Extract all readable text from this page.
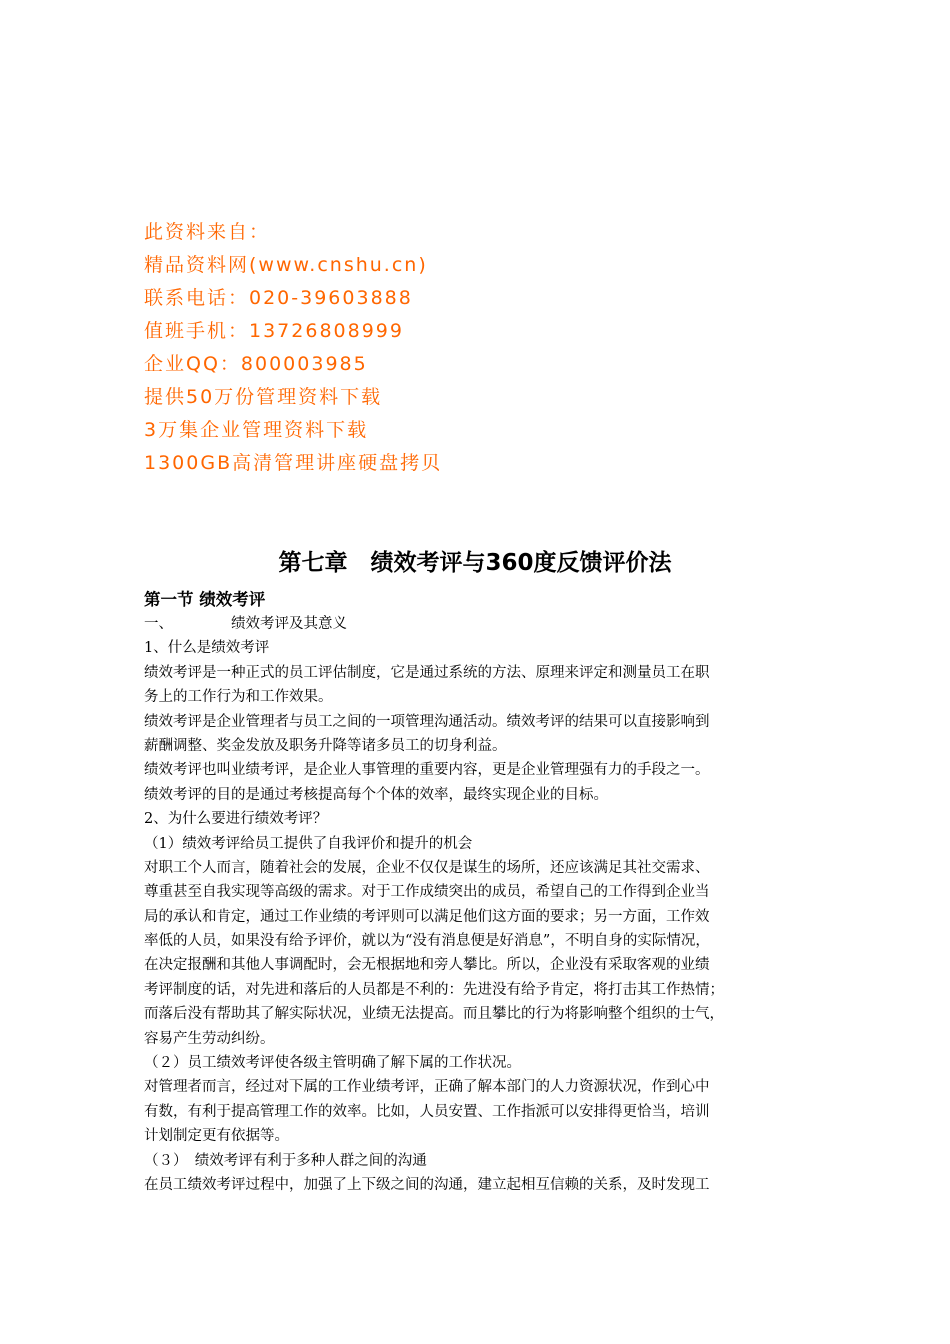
此资料来自：
精品资料网(www.cnshu.cn)
联系电话：020-39603888
值班手机：13726808999
企业QQ：800003985
提供50万份管理资料下载
3万集企业管理资料下载
1300GB高清管理讲座硬盘拷贝
第七章　绩效考评与360度反馈评价法
第一节 绩效考评
一、	绩效考评及其意义
1、什么是绩效考评
绩效考评是一种正式的员工评估制度，它是通过系统的方法、原理来评定和测量员工在职
务上的工作行为和工作效果。
绩效考评是企业管理者与员工之间的一项管理沟通活动。绩效考评的结果可以直接影响到
薪酬调整、奖金发放及职务升降等诸多员工的切身利益。
绩效考评也叫业绩考评，是企业人事管理的重要内容，更是企业管理强有力的手段之一。
绩效考评的目的是通过考核提高每个个体的效率，最终实现企业的目标。
2、为什么要进行绩效考评？
（1）绩效考评给员工提供了自我评价和提升的机会
对职工个人而言，随着社会的发展，企业不仅仅是谋生的场所，还应该满足其社交需求、
尊重甚至自我实现等高级的需求。对于工作成绩突出的成员，希望自己的工作得到企业当
局的承认和肯定，通过工作业绩的考评则可以满足他们这方面的要求；另一方面，工作效
率低的人员，如果没有给予评价，就以为“没有消息便是好消息”，不明自身的实际情况，
在决定报酬和其他人事调配时，会无根据地和旁人攀比。所以，企业没有采取客观的业绩
考评制度的话，对先进和落后的人员都是不利的：先进没有给予肯定，将打击其工作热情；
而落后没有帮助其了解实际状况，业绩无法提高。而且攀比的行为将影响整个组织的士气，
容易产生劳动纠纷。
（２）员工绩效考评使各级主管明确了解下属的工作状况。
对管理者而言，经过对下属的工作业绩考评，正确了解本部门的人力资源状况，作到心中
有数，有利于提高管理工作的效率。比如，人员安置、工作指派可以安排得更恰当，培训
计划制定更有依据等。
（３）　绩效考评有利于多种人群之间的沟通
在员工绩效考评过程中，加强了上下级之间的沟通，建立起相互信赖的关系，及时发现工
